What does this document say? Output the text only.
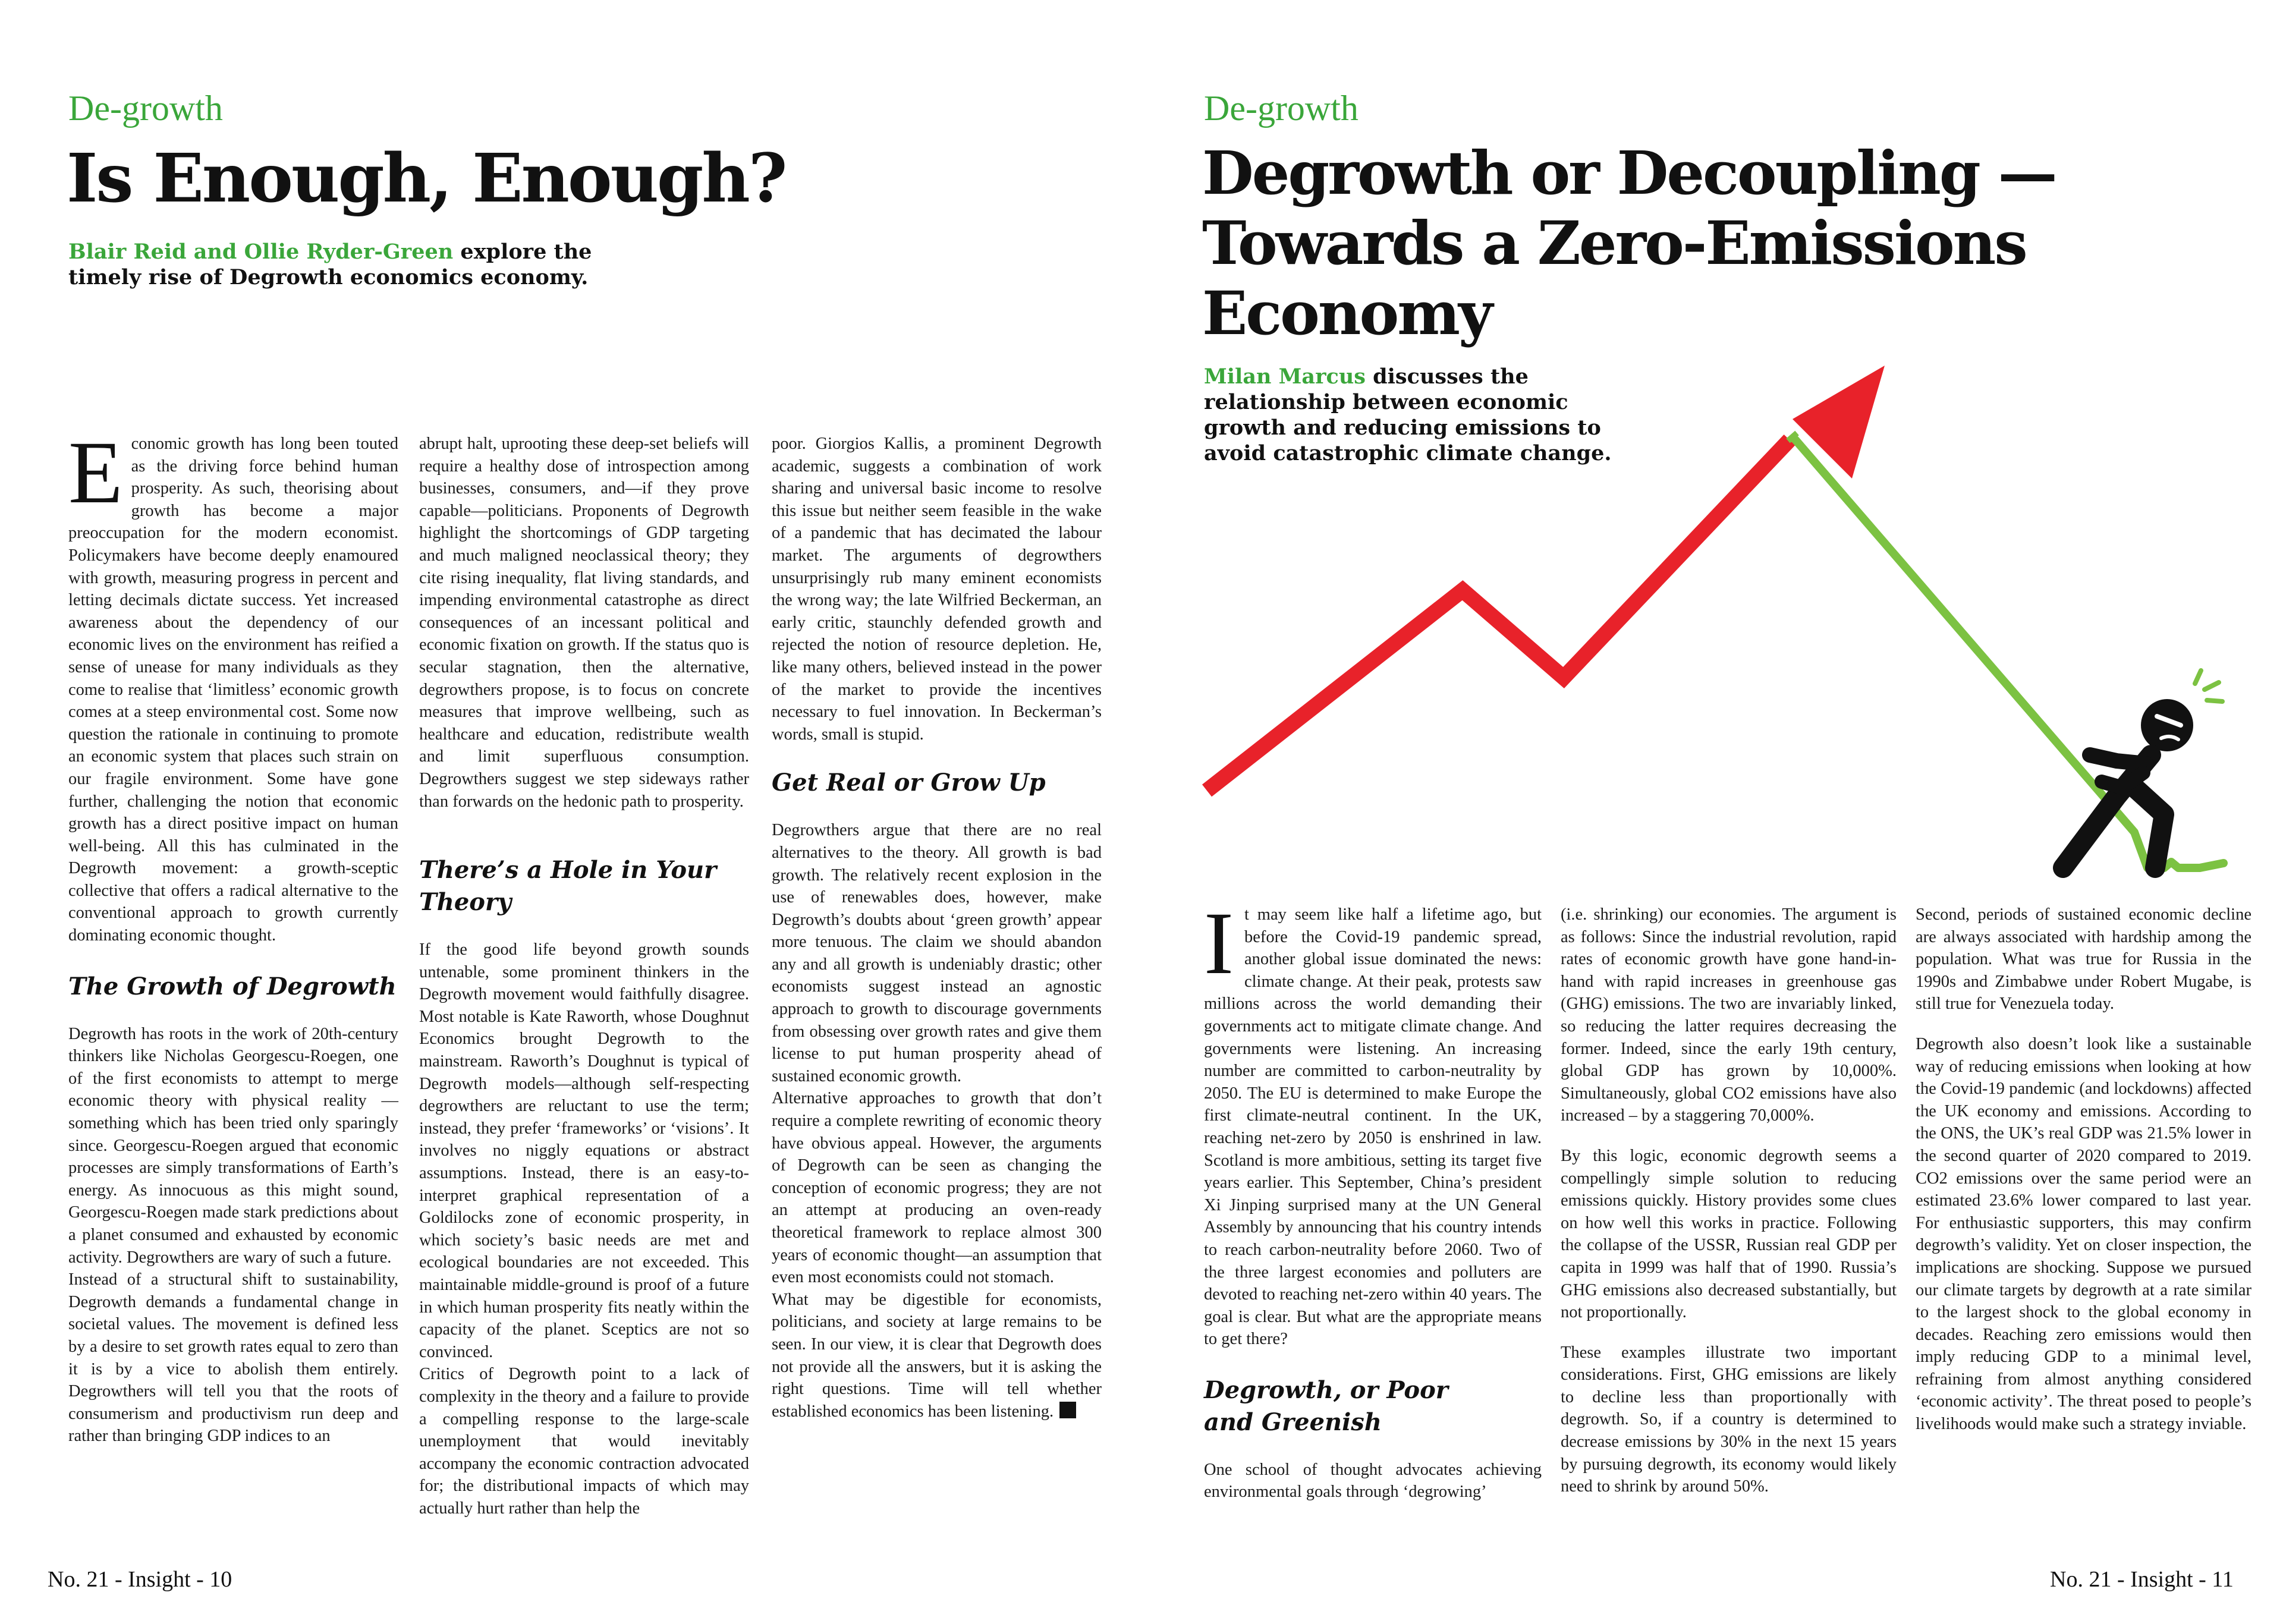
De-growth
Is Enough, Enough?
Blair Reid and Ollie Ryder-Green explore the timely rise of Degrowth economics economy.
E conomic growth has long been touted as the driving force behind human prosperity. As such, theorising about growth has become a major preoccupation for the modern economist. Policymakers have become deeply enamoured with growth, measuring progress in percent and letting decimals dictate success. Yet increased awareness about the dependency of our economic lives on the environment has reified a sense of unease for many individuals as they come to realise that ‘limitless’ economic growth comes at a steep environmental cost. Some now question the rationale in continuing to promote an economic system that places such strain on our fragile environment. Some have gone further, challenging the notion that economic growth has a direct positive impact on human well-being. All this has culminated in the Degrowth movement: a growth-sceptic collective that offers a radical alternative to the conventional approach to growth currently dominating economic thought.

The Growth of Degrowth

Degrowth has roots in the work of 20th-century thinkers like Nicholas Georgescu-Roegen, one of the first economists to attempt to merge economic theory with physical reality — something which has been tried only sparingly since. Georgescu-Roegen argued that economic processes are simply transformations of Earth’s energy. As innocuous as this might sound, Georgescu-Roegen made stark predictions about a planet consumed and exhausted by economic activity. Degrowthers are wary of such a future.

Instead of a structural shift to sustainability, Degrowth demands a fundamental change in societal values. The movement is defined less by a desire to set growth rates equal to zero than it is by a vice to abolish them entirely. Degrowthers will tell you that the roots of consumerism and productivism run deep and rather than bringing GDP indices to an

abrupt halt, uprooting these deep-set beliefs will require a healthy dose of introspection among businesses, consumers, and—if they prove capable—politicians. Proponents of Degrowth highlight the shortcomings of GDP targeting and much maligned neoclassical theory; they cite rising inequality, flat living standards, and impending environmental catastrophe as direct consequences of an incessant political and economic fixation on growth. If the status quo is secular stagnation, then the alternative, degrowthers propose, is to focus on concrete measures that improve wellbeing, such as healthcare and education, redistribute wealth and limit superfluous consumption. Degrowthers suggest we step sideways rather than forwards on the hedonic path to prosperity.

There’s a Hole in Your Theory

If the good life beyond growth sounds untenable, some prominent thinkers in the Degrowth movement would faithfully disagree. Most notable is Kate Raworth, whose Doughnut Economics brought Degrowth to the mainstream. Raworth’s Doughnut is typical of Degrowth models—although self-respecting degrowthers are reluctant to use the term; instead, they prefer ‘frameworks’ or ‘visions’. It involves no niggly equations or abstract assumptions. Instead, there is an easy-to-interpret graphical representation of a Goldilocks zone of economic prosperity, in which society’s basic needs are met and ecological boundaries are not exceeded. This maintainable middle-ground is proof of a future in which human prosperity fits neatly within the capacity of the planet. Sceptics are not so convinced.

Critics of Degrowth point to a lack of complexity in the theory and a failure to provide a compelling response to the large-scale unemployment that would inevitably accompany the economic contraction advocated for; the distributional impacts of which may actually hurt rather than help the

poor. Giorgios Kallis, a prominent Degrowth academic, suggests a combination of work sharing and universal basic income to resolve this issue but neither seem feasible in the wake of a pandemic that has decimated the labour market. The arguments of degrowthers unsurprisingly rub many eminent economists the wrong way; the late Wilfried Beckerman, an early critic, staunchly defended growth and rejected the notion of resource depletion. He, like many others, believed instead in the power of the market to provide the incentives necessary to fuel innovation. In Beckerman’s words, small is stupid.

Get Real or Grow Up

Degrowthers argue that there are no real alternatives to the theory. All growth is bad growth. The relatively recent explosion in the use of renewables does, however, make Degrowth’s doubts about ‘green growth’ appear more tenuous. The claim we should abandon any and all growth is undeniably drastic; other economists suggest instead an agnostic approach to growth to discourage governments from obsessing over growth rates and give them license to put human prosperity ahead of sustained economic growth.

Alternative approaches to growth that don’t require a complete rewriting of economic theory have obvious appeal. However, the arguments of Degrowth can be seen as changing the conception of economic progress; they are not an attempt at producing an oven-ready theoretical framework to replace almost 300 years of economic thought—an assumption that even most economists could not stomach.

What may be digestible for economists, politicians, and society at large remains to be seen. In our view, it is clear that Degrowth does not provide all the answers, but it is asking the right questions. Time will tell whether established economics has been listening.

No. 21 - Insight - 10
De-growth
Degrowth or Decoupling —
Towards a Zero-Emissions
Economy
Milan Marcus discusses the relationship between economic growth and reducing emissions to avoid catastrophic climate change.
I t may seem like half a lifetime ago, but before the Covid-19 pandemic spread, another global issue dominated the news: climate change. At their peak, protests saw millions across the world demanding their governments act to mitigate climate change. And governments were listening. An increasing number are committed to carbon-neutrality by 2050. The EU is determined to make Europe the first climate-neutral continent. In the UK, reaching net-zero by 2050 is enshrined in law. Scotland is more ambitious, setting its target five years earlier. This September, China’s president Xi Jinping surprised many at the UN General Assembly by announcing that his country intends to reach carbon-neutrality before 2060. Two of the three largest economies and polluters are devoted to reaching net-zero within 40 years. The goal is clear. But what are the appropriate means to get there?

Degrowth, or Poor and Greenish

One school of thought advocates achieving environmental goals through ‘degrowing’

(i.e. shrinking) our economies. The argument is as follows: Since the industrial revolution, rapid rates of economic growth have gone hand-in-hand with rapid increases in greenhouse gas (GHG) emissions. The two are invariably linked, so reducing the latter requires decreasing the former. Indeed, since the early 19th century, global GDP has grown by 10,000%. Simultaneously, global CO2 emissions have also increased – by a staggering 70,000%.

By this logic, economic degrowth seems a compellingly simple solution to reducing emissions quickly. History provides some clues on how well this works in practice. Following the collapse of the USSR, Russian real GDP per capita in 1999 was half that of 1990. Russia’s GHG emissions also decreased substantially, but not proportionally.

These examples illustrate two important considerations. First, GHG emissions are likely to decline less than proportionally with degrowth. So, if a country is determined to decrease emissions by 30% in the next 15 years by pursuing degrowth, its economy would likely need to shrink by around 50%.

Second, periods of sustained economic decline are always associated with hardship among the population. What was true for Russia in the 1990s and Zimbabwe under Robert Mugabe, is still true for Venezuela today.

Degrowth also doesn’t look like a sustainable way of reducing emissions when looking at how the Covid-19 pandemic (and lockdowns) affected the UK economy and emissions. According to the ONS, the UK’s real GDP was 21.5% lower in the second quarter of 2020 compared to 2019. CO2 emissions over the same period were an estimated 23.6% lower compared to last year. For enthusiastic supporters, this may confirm degrowth’s validity. Yet on closer inspection, the implications are shocking. Suppose we pursued our climate targets by degrowth at a rate similar to the largest shock to the global economy in decades. Reaching zero emissions would then imply reducing GDP to a minimal level, refraining from almost anything considered ‘economic activity’. The threat posed to people’s livelihoods would make such a strategy inviable.

No. 21 - Insight - 11
